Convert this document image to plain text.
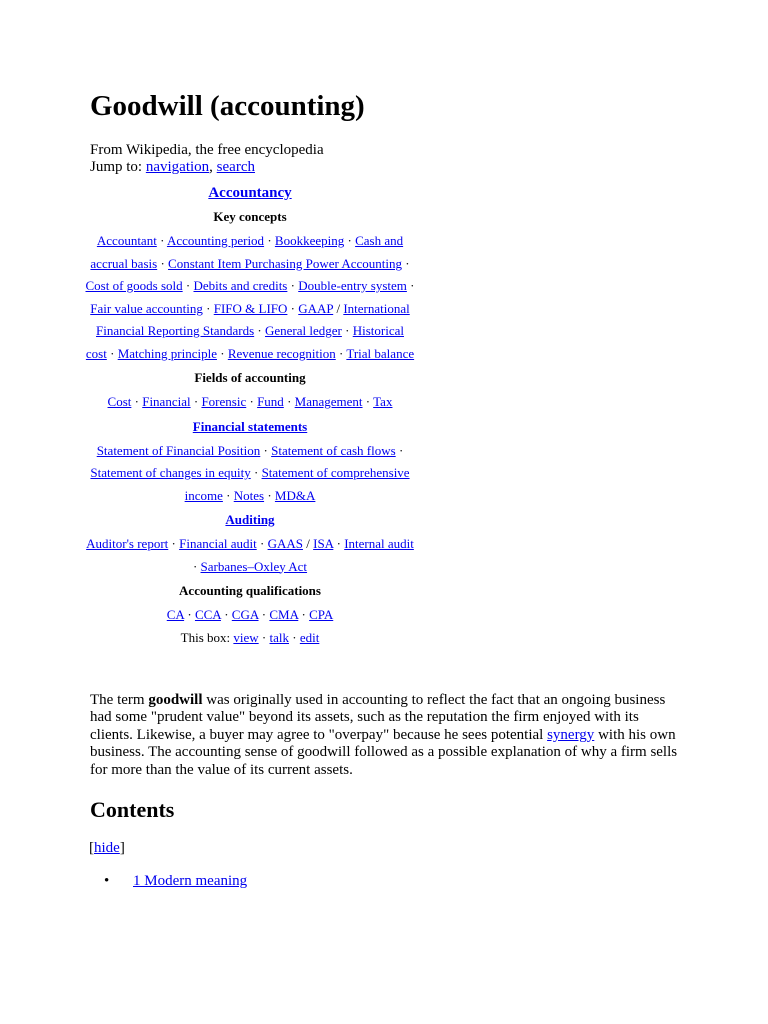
Goodwill (accounting)
From Wikipedia, the free encyclopedia
Jump to: navigation, search
Accountancy
Key concepts
Accountant · Accounting period · Bookkeeping · Cash and accrual basis · Constant Item Purchasing Power Accounting · Cost of goods sold · Debits and credits · Double-entry system · Fair value accounting · FIFO & LIFO · GAAP / International Financial Reporting Standards · General ledger · Historical cost · Matching principle · Revenue recognition · Trial balance
Fields of accounting
Cost · Financial · Forensic · Fund · Management · Tax
Financial statements
Statement of Financial Position · Statement of cash flows · Statement of changes in equity · Statement of comprehensive income · Notes · MD&A
Auditing
Auditor's report · Financial audit · GAAS / ISA · Internal audit · Sarbanes–Oxley Act
Accounting qualifications
CA · CCA · CGA · CMA · CPA
This box: view · talk · edit

The term goodwill was originally used in accounting to reflect the fact that an ongoing business had some "prudent value" beyond its assets, such as the reputation the firm enjoyed with its clients. Likewise, a buyer may agree to "overpay" because he sees potential synergy with his own business. The accounting sense of goodwill followed as a possible explanation of why a firm sells for more than the value of its current assets.

Contents
[hide]
• 1 Modern meaning
